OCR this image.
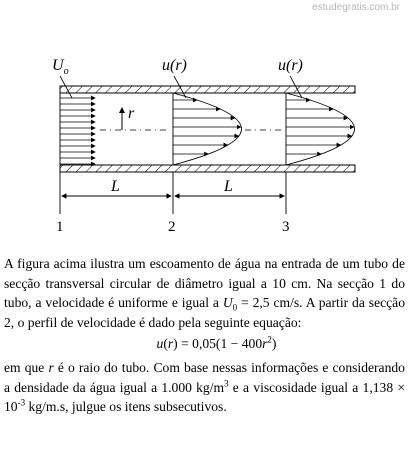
estudegratis.com.br
r
$U_o$	u(r)	u(r)
L	L
1	2	3

A figura acima ilustra um escoamento de água na entrada de um tubo de secção transversal circular de diâmetro igual a 10 cm. Na secção 1 do tubo, a velocidade é uniforme e igual a $U_0 = 2,5$ cm/s. A partir da secção 2, o perfil de velocidade é dado pela seguinte equação:

$u(r) = 0,05(1 - 400r^2)$

em que r é o raio do tubo. Com base nessas informações e considerando a densidade da água igual a 1.000 $kg/m^3$ e a viscosidade igual a $1,138 \times 10^{-3}$ kg/m.s, julgue os itens subsecutivos.
